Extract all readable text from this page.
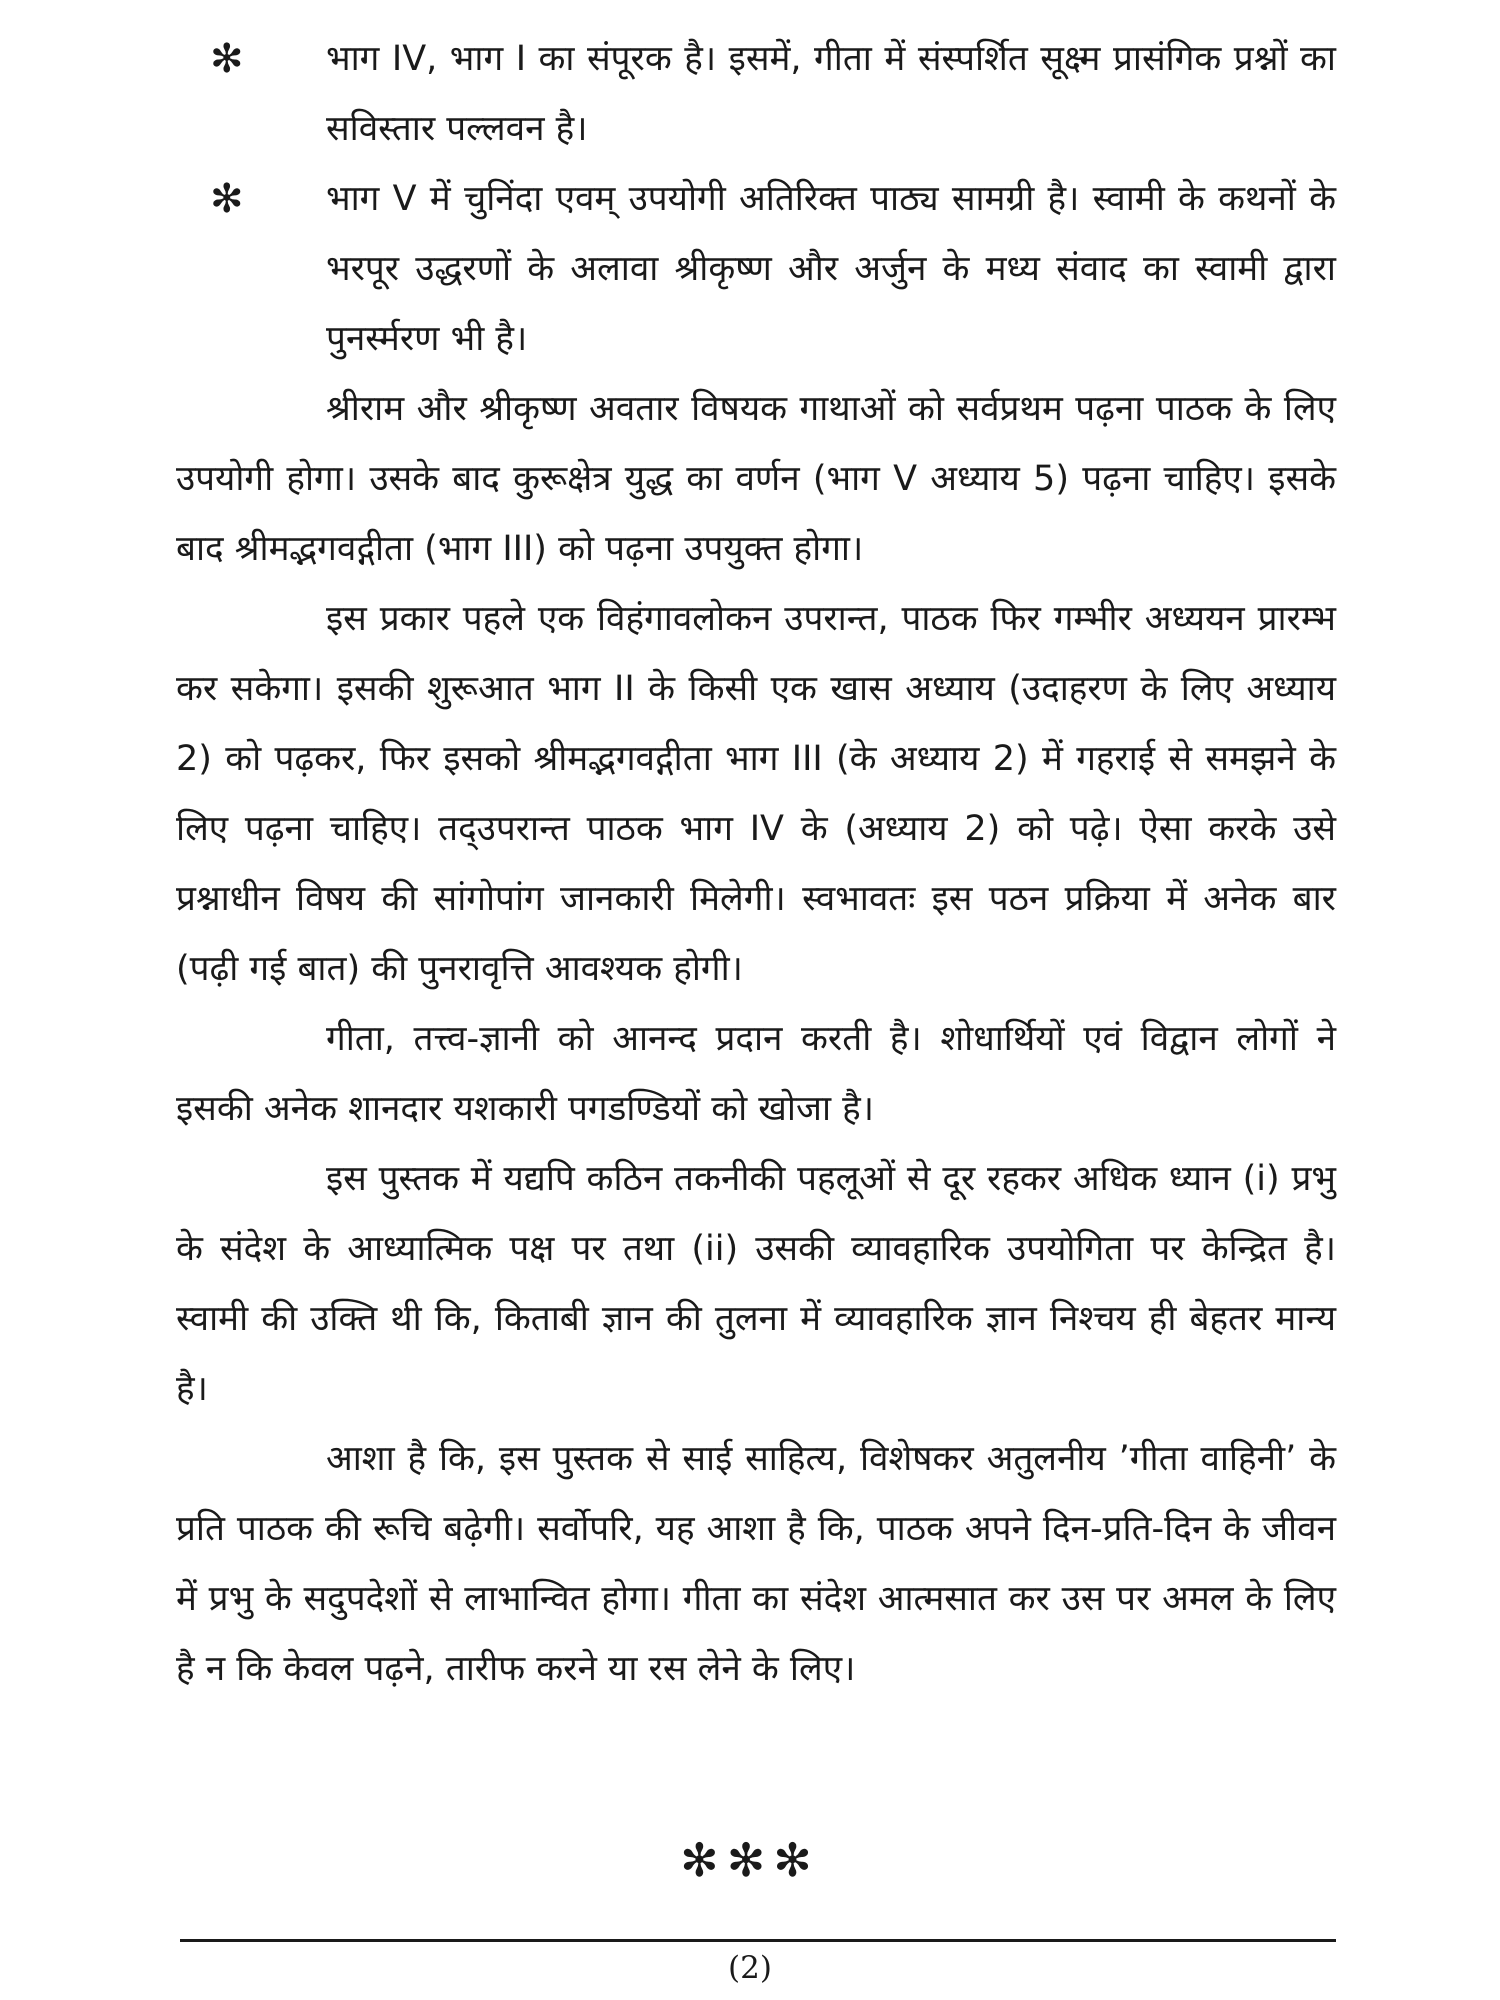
✻	भाग IV, भाग I का संपूरक है। इसमें, गीता में संस्पर्शित सूक्ष्म प्रासंगिक प्रश्नों का सविस्तार पल्लवन है।
✻	भाग V में चुनिंदा एवम् उपयोगी अतिरिक्त पाठ्य सामग्री है। स्वामी के कथनों के भरपूर उद्धरणों के अलावा श्रीकृष्ण और अर्जुन के मध्य संवाद का स्वामी द्वारा पुनर्स्मरण भी है।

श्रीराम और श्रीकृष्ण अवतार विषयक गाथाओं को सर्वप्रथम पढ़ना पाठक के लिए उपयोगी होगा। उसके बाद कुरूक्षेत्र युद्ध का वर्णन (भाग V अध्याय 5) पढ़ना चाहिए। इसके बाद श्रीमद्भगवद्गीता (भाग III) को पढ़ना उपयुक्त होगा।

इस प्रकार पहले एक विहंगावलोकन उपरान्त, पाठक फिर गम्भीर अध्ययन प्रारम्भ कर सकेगा। इसकी शुरूआत भाग II के किसी एक खास अध्याय (उदाहरण के लिए अध्याय 2) को पढ़कर, फिर इसको श्रीमद्भगवद्गीता भाग III (के अध्याय 2) में गहराई से समझने के लिए पढ़ना चाहिए। तद्उपरान्त पाठक भाग IV के (अध्याय 2) को पढ़े। ऐसा करके उसे प्रश्नाधीन विषय की सांगोपांग जानकारी मिलेगी। स्वभावतः इस पठन प्रक्रिया में अनेक बार (पढ़ी गई बात) की पुनरावृत्ति आवश्यक होगी।

गीता, तत्त्व-ज्ञानी को आनन्द प्रदान करती है। शोधार्थियों एवं विद्वान लोगों ने इसकी अनेक शानदार यशकारी पगडण्डियों को खोजा है।

इस पुस्तक में यद्यपि कठिन तकनीकी पहलूओं से दूर रहकर अधिक ध्यान (i) प्रभु के संदेश के आध्यात्मिक पक्ष पर तथा (ii) उसकी व्यावहारिक उपयोगिता पर केन्द्रित है। स्वामी की उक्ति थी कि, किताबी ज्ञान की तुलना में व्यावहारिक ज्ञान निश्चय ही बेहतर मान्य है।

आशा है कि, इस पुस्तक से साई साहित्य, विशेषकर अतुलनीय ’गीता वाहिनी’ के प्रति पाठक की रूचि बढ़ेगी। सर्वोपरि, यह आशा है कि, पाठक अपने दिन-प्रति-दिन के जीवन में प्रभु के सदुपदेशों से लाभान्वित होगा। गीता का संदेश आत्मसात कर उस पर अमल के लिए है न कि केवल पढ़ने, तारीफ करने या रस लेने के लिए।

✻✻✻
(2)
